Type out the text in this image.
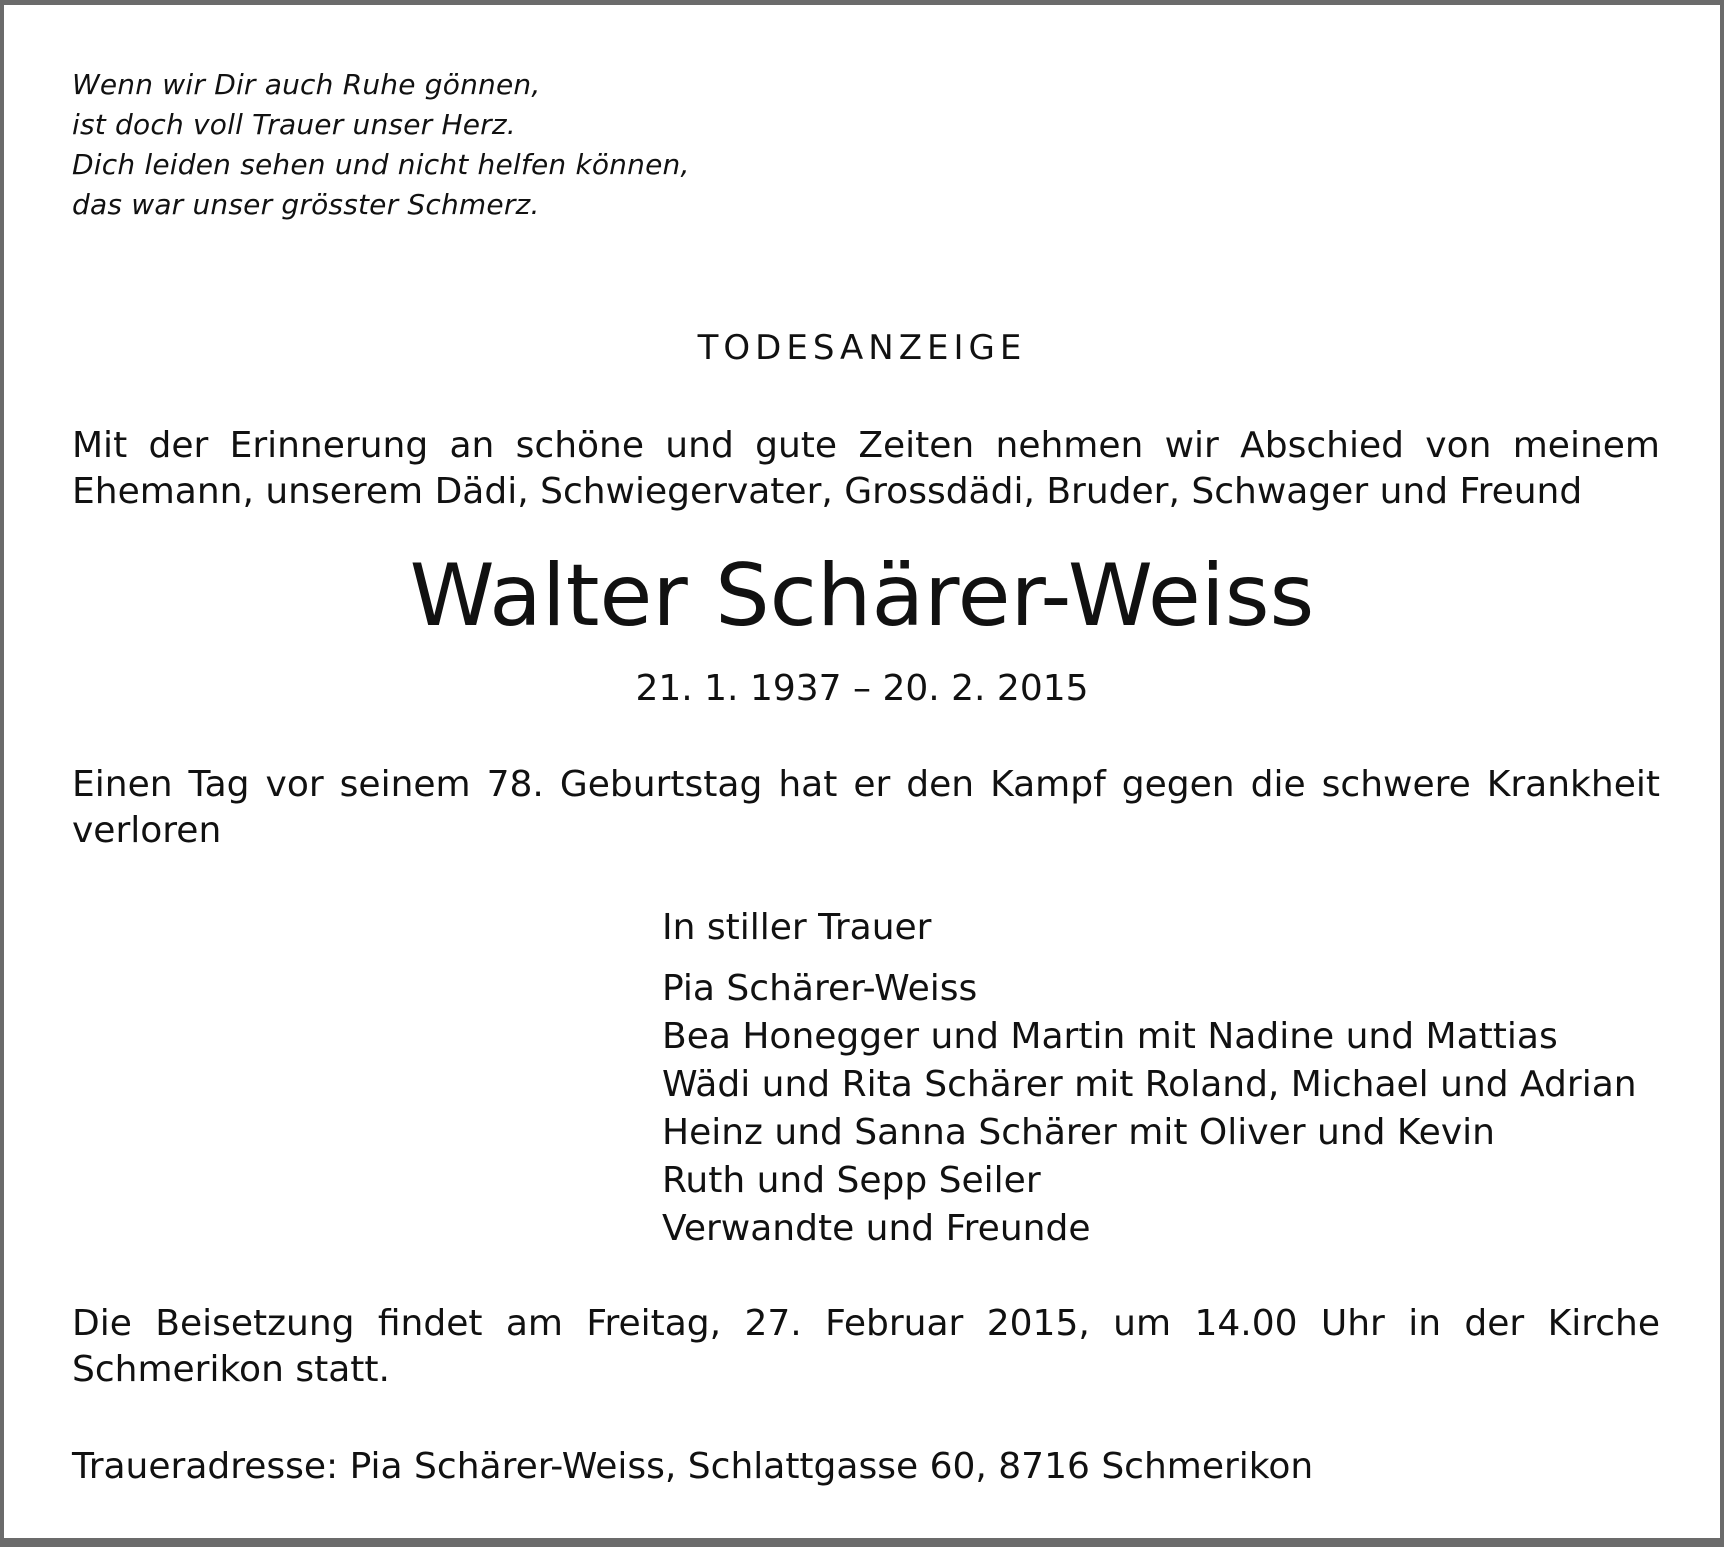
Wenn wir Dir auch Ruhe gönnen,
ist doch voll Trauer unser Herz.
Dich leiden sehen und nicht helfen können,
das war unser grösster Schmerz.
TODESANZEIGE
Mit der Erinnerung an schöne und gute Zeiten nehmen wir Abschied von meinem
Ehemann, unserem Dädi, Schwiegervater, Grossdädi, Bruder, Schwager und Freund
Walter Schärer-Weiss
21. 1. 1937 – 20. 2. 2015
Einen Tag vor seinem 78. Geburtstag hat er den Kampf gegen die schwere Krankheit
verloren
In stiller Trauer
Pia Schärer-Weiss
Bea Honegger und Martin mit Nadine und Mattias
Wädi und Rita Schärer mit Roland, Michael und Adrian
Heinz und Sanna Schärer mit Oliver und Kevin
Ruth und Sepp Seiler
Verwandte und Freunde
Die Beisetzung findet am Freitag, 27. Februar 2015, um 14.00 Uhr in der Kirche
Schmerikon statt.
Traueradresse: Pia Schärer-Weiss, Schlattgasse 60, 8716 Schmerikon
